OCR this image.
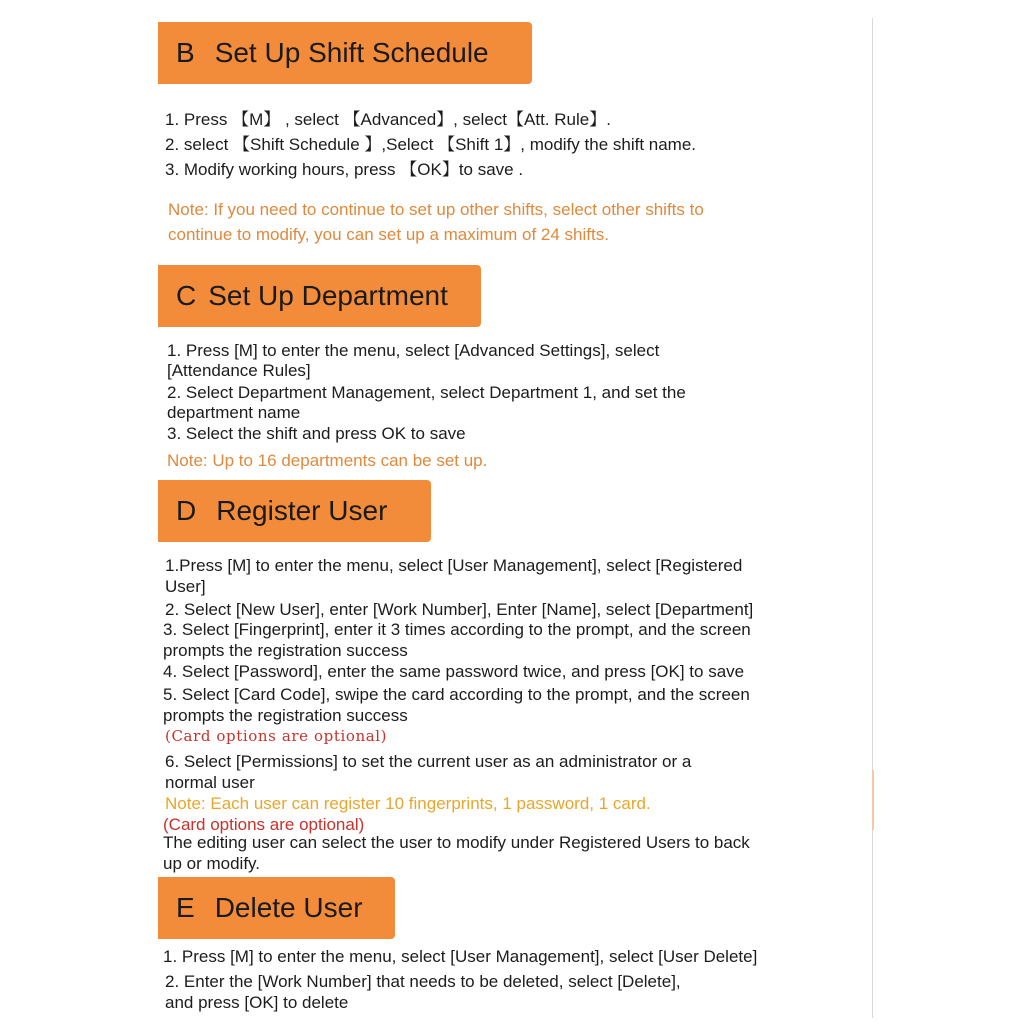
B Set Up Shift Schedule
1. Press 【M】 , select 【Advanced】, select【Att. Rule】.
2. select 【Shift Schedule 】,Select 【Shift 1】, modify the shift name.
3. Modify working hours, press 【OK】to save .
Note: If you need to continue to set up other shifts, select other shifts to
continue to modify, you can set up a maximum of 24 shifts.
C Set Up Department
1. Press [M] to enter the menu, select [Advanced Settings], select
[Attendance Rules]
2. Select Department Management, select Department 1, and set the
department name
3. Select the shift and press OK to save
Note: Up to 16 departments can be set up.
D Register User
1.Press [M] to enter the menu, select [User Management], select [Registered
User]
2. Select [New User], enter [Work Number], Enter [Name], select [Department]
3. Select [Fingerprint], enter it 3 times according to the prompt, and the screen
prompts the registration success
4. Select [Password], enter the same password twice, and press [OK] to save
5. Select [Card Code], swipe the card according to the prompt, and the screen
prompts the registration success
(Card options are optional)
6. Select [Permissions] to set the current user as an administrator or a
normal user
Note: Each user can register 10 fingerprints, 1 password, 1 card.
(Card options are optional)
The editing user can select the user to modify under Registered Users to back
up or modify.
E Delete User
1. Press [M] to enter the menu, select [User Management], select [User Delete]
2. Enter the [Work Number] that needs to be deleted, select [Delete],
and press [OK] to delete
